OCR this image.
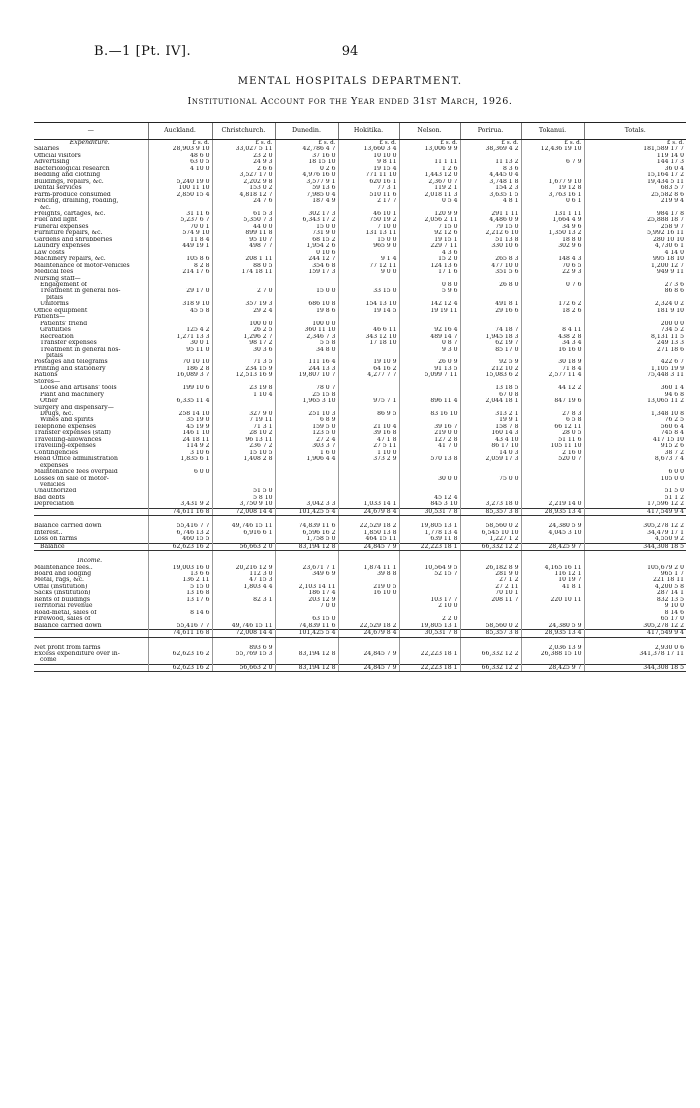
B.—1 [Pt. IV].	94
MENTAL HOSPITALS DEPARTMENT.
Institutional Account for the Year ended 31st March, 1926.
—	Auckland.	Christchurch.	Dunedin.	Hokitika.	Nelson.	Porirua.	Tokanui.	Totals.
Expenditure.	£ s. d.	£ s. d.	£ s. d.	£ s. d.	£ s. d.	£ s. d.	£ s. d.	£ s. d.
Salaries	28,903 9 10	33,027 5 11	42,786 4 7	13,660 3 4	13,006 9 9	38,369 4 2	12,436 19 10	181,589 17 7
Official visitors	48 6 0	23 2 0	37 16 0	10 10 0				119 14 0
Advertising	63 0 5	24 9 3	18 15 10	9 8 11	11 1 11	11 13 2	6 7 9	144 17 3
Bacteriological research	4 10 0	2 6 6	0 2 6	19 15 4	1 2 6	8 3 6		36 0 4
Bedding and clothing		3,527 17 0	4,976 16 0	771 11 10	1,443 12 0	4,445 0 4		15,164 17 2
Buildings, repairs, &c.	5,240 19 0	2,202 9 8	3,577 9 1	620 16 1	2,367 0 7	3,748 1 8	1,677 9 10	19,434 5 11
Dental services	100 11 10	153 0 2	59 13 6	77 3 1	119 2 1	154 2 3	19 12 8	683 5 7
Farm-produce consumed	2,850 15 4	4,818 12 7	7,985 0 4	510 11 6	2,018 11 3	3,635 1 5	3,763 16 1	25,582 8 6
Fencing, draining, roading,		24 7 6	187 4 9	2 17 7	0 5 4	4 8 1	0 6 1	219 9 4
&c.								
Freights, cartages, &c.	31 11 6	61 5 3	302 17 3	46 10 1	120 9 9	291 1 11	131 1 11	984 17 8
Fuel and light	5,237 6 7	5,350 7 3	6,343 17 2	750 19 2	2,056 2 11	4,486 0 9	1,664 4 9	25,888 18 7
Funeral expenses	70 0 1	44 0 0	15 0 0	7 10 0	7 15 0	79 15 0	34 9 6	258 9 7
Furniture repairs, &c.	574 9 10	899 11 8	731 9 0	131 13 11	92 12 6	2,212 6 10	1,350 13 2	5,992 16 11
Gardens and shrubberies	11 8 4	95 10 7	68 15 2	15 0 0	19 15 1	51 13 8	18 8 0	280 10 10
Laundry expenses	449 19 1	498 7 7	1,954 2 6	965 9 0	229 7 11	330 10 6	302 9 6	4,730 6 1
Law costs			0 10 6		4 3 6			4 14 0
Machinery repairs, &c.	105 8 6	208 1 11	244 12 7	9 1 4	15 2 0	265 8 3	148 4 3	995 18 10
Maintenance of motor-vehicles	8 2 8	88 0 5	354 6 8	77 12 11	124 13 6	477 10 0	70 6 5	1,200 12 7
Medical fees	214 17 6	174 18 11	159 17 3	9 0 0	17 1 6	351 5 6	22 9 3	949 9 11
Nursing staff—								
Engagement of					0 8 0	26 8 0	0 7 6	27 3 6
Treatment in general hos-	29 17 0	2 7 0	15 0 0	33 15 0	5 9 6			86 8 6
pitals								
Uniforms	318 9 10	357 19 3	686 10 8	154 13 10	142 12 4	491 8 1	172 6 2	2,324 0 2
Office equipment	45 5 8	29 2 4	19 8 6	19 14 5	19 19 11	29 16 6	18 2 6	181 9 10
Patients—								
Patients' friend		100 0 0	100 0 0					200 0 0
Gratuities	125 4 2	26 2 5	360 11 10	46 6 11	92 16 4	74 18 7	8 4 11	734 5 2
Recreation	1,271 13 3	1,296 2 7	2,346 7 3	343 12 10	489 14 7	1,945 18 3	438 2 8	8,131 11 5
Transfer expenses	30 0 1	98 17 2	5 5 8	17 18 10	0 8 7	62 19 7	34 3 4	249 13 3
Treatment in general hos-	95 11 0	30 3 6	34 8 0		9 3 0	85 17 0	16 16 0	271 18 6
pitals								
Postages and telegrams	70 10 10	71 3 5	111 16 4	19 10 9	26 0 9	92 5 9	30 18 9	422 6 7
Printing and stationery	186 2 8	234 15 9	244 13 3	64 16 2	91 13 5	212 10 2	71 8 4	1,105 19 9
Rations	16,089 3 7	12,513 16 9	19,807 10 7	4,277 7 7	5,099 7 11	15,083 6 2	2,577 11 4	75,448 3 11
Stores—								
Loose and artisans' tools	199 10 6	23 19 8	78 0 7			13 18 5	44 12 2	360 1 4
Plant and machinery		1 10 4	25 15 8			67 0 8		94 6 8
Other	6,335 11 4		1,965 3 10	975 7 1	896 11 4	2,044 18 1	847 19 6	13,065 11 2
Surgery and dispensary—								
Drugs, &c.	258 14 10	327 9 0	251 10 3	86 9 5	83 16 10	313 2 1	27 8 3	1,348 10 8
Wines and spirits	35 19 0	7 19 11	6 8 9			19 9 1	6 5 8	76 2 5
Telephone expenses	45 19 9	71 3 1	159 5 0	21 10 4	39 16 7	158 7 8	66 12 11	560 6 4
Transfer expenses (staff)	146 1 10	28 10 2	123 5 0	39 16 8	219 0 0	160 14 3	28 0 5	745 8 4
Travelling-allowances	24 18 11	96 13 11	27 2 4	47 1 8	127 2 8	43 4 10	51 11 6	417 15 10
Travelling-expenses	114 9 2	236 7 2	303 3 7	27 5 11	41 7 0	86 17 10	105 11 10	915 2 6
Contingencies	3 10 6	15 10 5	1 6 0	1 10 0		14 0 3	2 16 0	38 7 2
Head Office administration	1,835 6 1	1,408 2 8	1,906 4 4	373 2 9	570 13 8	2,059 17 3	520 0 7	8,673 7 4
expenses								
Maintenance fees overpaid	6 0 0							6 0 0
Losses on sale of motor-					30 0 0	75 0 0		105 0 0
vehicles								
Unauthorized		51 5 0						51 5 0
Bad debts		5 8 10			45 12 4			51 1 2
Depreciation	3,431 9 2	3,750 9 10	3,042 3 3	1,033 14 1	845 3 10	3,273 18 0	2,219 14 0	17,596 12 2
	74,611 16 8	72,008 14 4	101,425 5 4	24,679 8 4	30,531 7 8	85,357 3 8	28,935 13 4	417,549 9 4

Balance carried down	55,416 7 7	49,746 15 11	74,839 11 6	22,529 18 2	19,805 13 1	58,560 0 2	24,380 5 9	305,278 12 2
Interest..	6,746 13 2	6,916 6 1	6,596 16 2	1,850 13 8	1,778 13 4	6,545 10 10	4,045 3 10	34,479 17 1
Loss on farms	460 15 5		1,758 5 0	464 15 11	639 11 8	1,227 1 2		4,550 9 2
Balance	62,623 16 2	56,663 2 0	83,194 12 8	24,845 7 9	22,223 18 1	66,332 12 2	28,425 9 7	344,308 18 5

Income.								
Maintenance fees..	19,003 16 0	20,216 12 9	23,671 7 1	1,874 11 1	10,564 9 5	26,182 8 9	4,165 16 11	105,679 2 0
Board and lodging	13 6 6	112 3 0	349 6 9	39 8 8	52 15 7	281 9 0	116 12 1	965 1 7
Metal, rags, &c.	136 2 11	47 15 3				27 1 2	10 19 7	221 18 11
Offal (institution)	5 15 0	1,803 4 4	2,103 14 11	219 0 5		27 2 11	41 8 1	4,200 5 8
Sacks (institution)	13 16 8		186 17 4	16 10 0		70 10 1		287 14 1
Rents of buildings	13 17 6	82 3 1	203 12 9		103 17 7	208 11 7	220 10 11	832 13 5
Territorial revenue			7 0 0		2 10 0			9 10 0
Road-metal, sales of	8 14 6							8 14 6
Firewood, sales of			63 15 0		2 2 0			65 17 0
Balance carried down	55,416 7 7	49,746 15 11	74,839 11 6	22,529 18 2	19,805 13 1	58,560 0 2	24,380 5 9	305,278 12 2
	74,611 16 8	72,008 14 4	101,425 5 4	24,679 8 4	30,531 7 8	85,357 3 8	28,935 13 4	417,549 9 4

Net profit from farms		893 6 9					2,036 13 9	2,930 0 6
Excess expenditure over in-	62,623 16 2	55,769 15 3	83,194 12 8	24,845 7 9	22,223 18 1	66,332 12 2	26,388 15 10	341,378 17 11
come								
	62,623 16 2	56,663 2 0	83,194 12 8	24,845 7 9	22,223 18 1	66,332 12 2	28,425 9 7	344,308 18 5
